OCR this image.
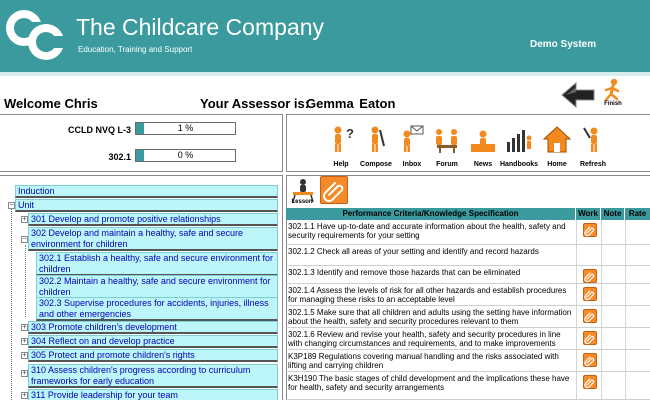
The Childcare Company
Education, Training and Support	Demo System
Welcome Chris	Your Assessor is:
Gemma Eaton	Finish
CCLD NVQ L-3	1 %
302.1	0 %
?
Help	Compose	Inbox	Forum	News	Handbooks	Home	Refresh
Induction
− Unit
+ 301 Develop and promote positive relationships
−
302 Develop and maintain a healthy, safe and secure environment for children
302.1 Establish a healthy, safe and secure environment for children
302.2 Maintain a healthy, safe and secure environment for children
302.3 Supervise procedures for accidents, injuries, illness and other emergencies
+ 303 Promote children's development
+ 304 Reflect on and develop practice
+ 305 Protect and promote children's rights
+ 310 Assess children's progress according to curriculum frameworks for early education
+ 311 Provide leadership for your team
Lesson
Performance Criteria/Knowledge Specification	Work Note Rate
302.1.1 Have up-to-date and accurate information about the health, safety and security requirements for your setting
302.1.2 Check all areas of your setting and identify and record hazards
302.1.3 Identify and remove those hazards that can be eliminated
302.1.4 Assess the levels of risk for all other hazards and establish procedures for managing these risks to an acceptable level
302.1.5 Make sure that all children and adults using the setting have information about the health, safety and security procedures relevant to them
302.1.6 Review and revise your health, safety and security procedures in line with changing circumstances and requirements, and to make improvements
K3P189 Regulations covering manual handling and the risks associated with lifting and carrying children
K3H190 The basic stages of child development and the implications these have for health, safety and security arrangements
